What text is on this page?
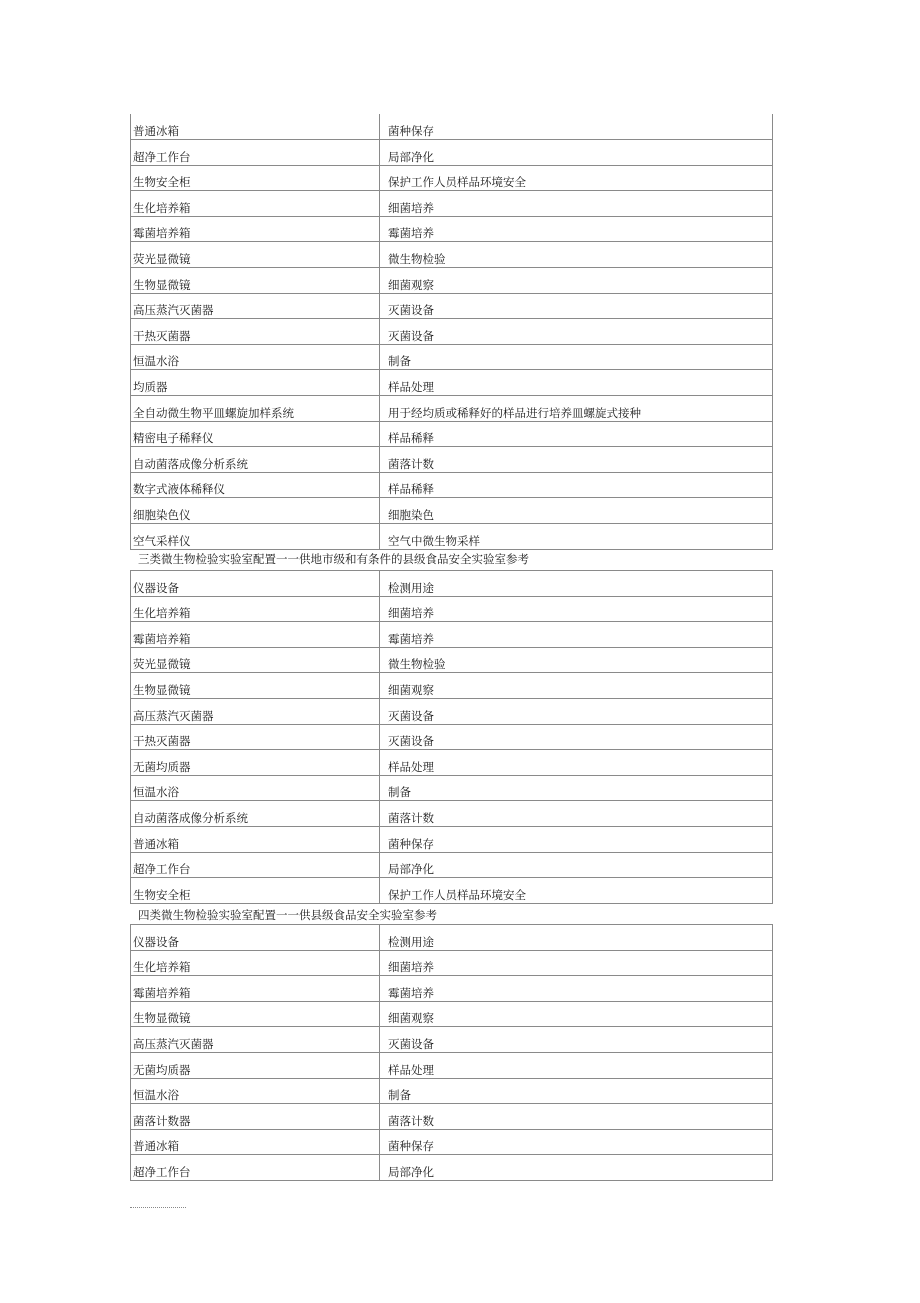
普通冰箱	菌种保存
超净工作台	局部净化
生物安全柜	保护工作人员样品环境安全
生化培养箱	细菌培养
霉菌培养箱	霉菌培养
荧光显微镜	微生物检验
生物显微镜	细菌观察
高压蒸汽灭菌器	灭菌设备
干热灭菌器	灭菌设备
恒温水浴	制备
均质器	样品处理
全自动微生物平皿螺旋加样系统	用于经均质或稀释好的样品进行培养皿螺旋式接种
精密电子稀释仪	样品稀释
自动菌落成像分析系统	菌落计数
数字式液体稀释仪	样品稀释
细胞染色仪	细胞染色
空气采样仪	空气中微生物采样
三类微生物检验实验室配置一一供地市级和有条件的县级食品安全实验室参考
仪器设备	检测用途
生化培养箱	细菌培养
霉菌培养箱	霉菌培养
荧光显微镜	微生物检验
生物显微镜	细菌观察
高压蒸汽灭菌器	灭菌设备
干热灭菌器	灭菌设备
无菌均质器	样品处理
恒温水浴	制备
自动菌落成像分析系统	菌落计数
普通冰箱	菌种保存
超净工作台	局部净化
生物安全柜	保护工作人员样品环境安全
四类微生物检验实验室配置一一供县级食品安全实验室参考
仪器设备	检测用途
生化培养箱	细菌培养
霉菌培养箱	霉菌培养
生物显微镜	细菌观察
高压蒸汽灭菌器	灭菌设备
无菌均质器	样品处理
恒温水浴	制备
菌落计数器	菌落计数
普通冰箱	菌种保存
超净工作台	局部净化
